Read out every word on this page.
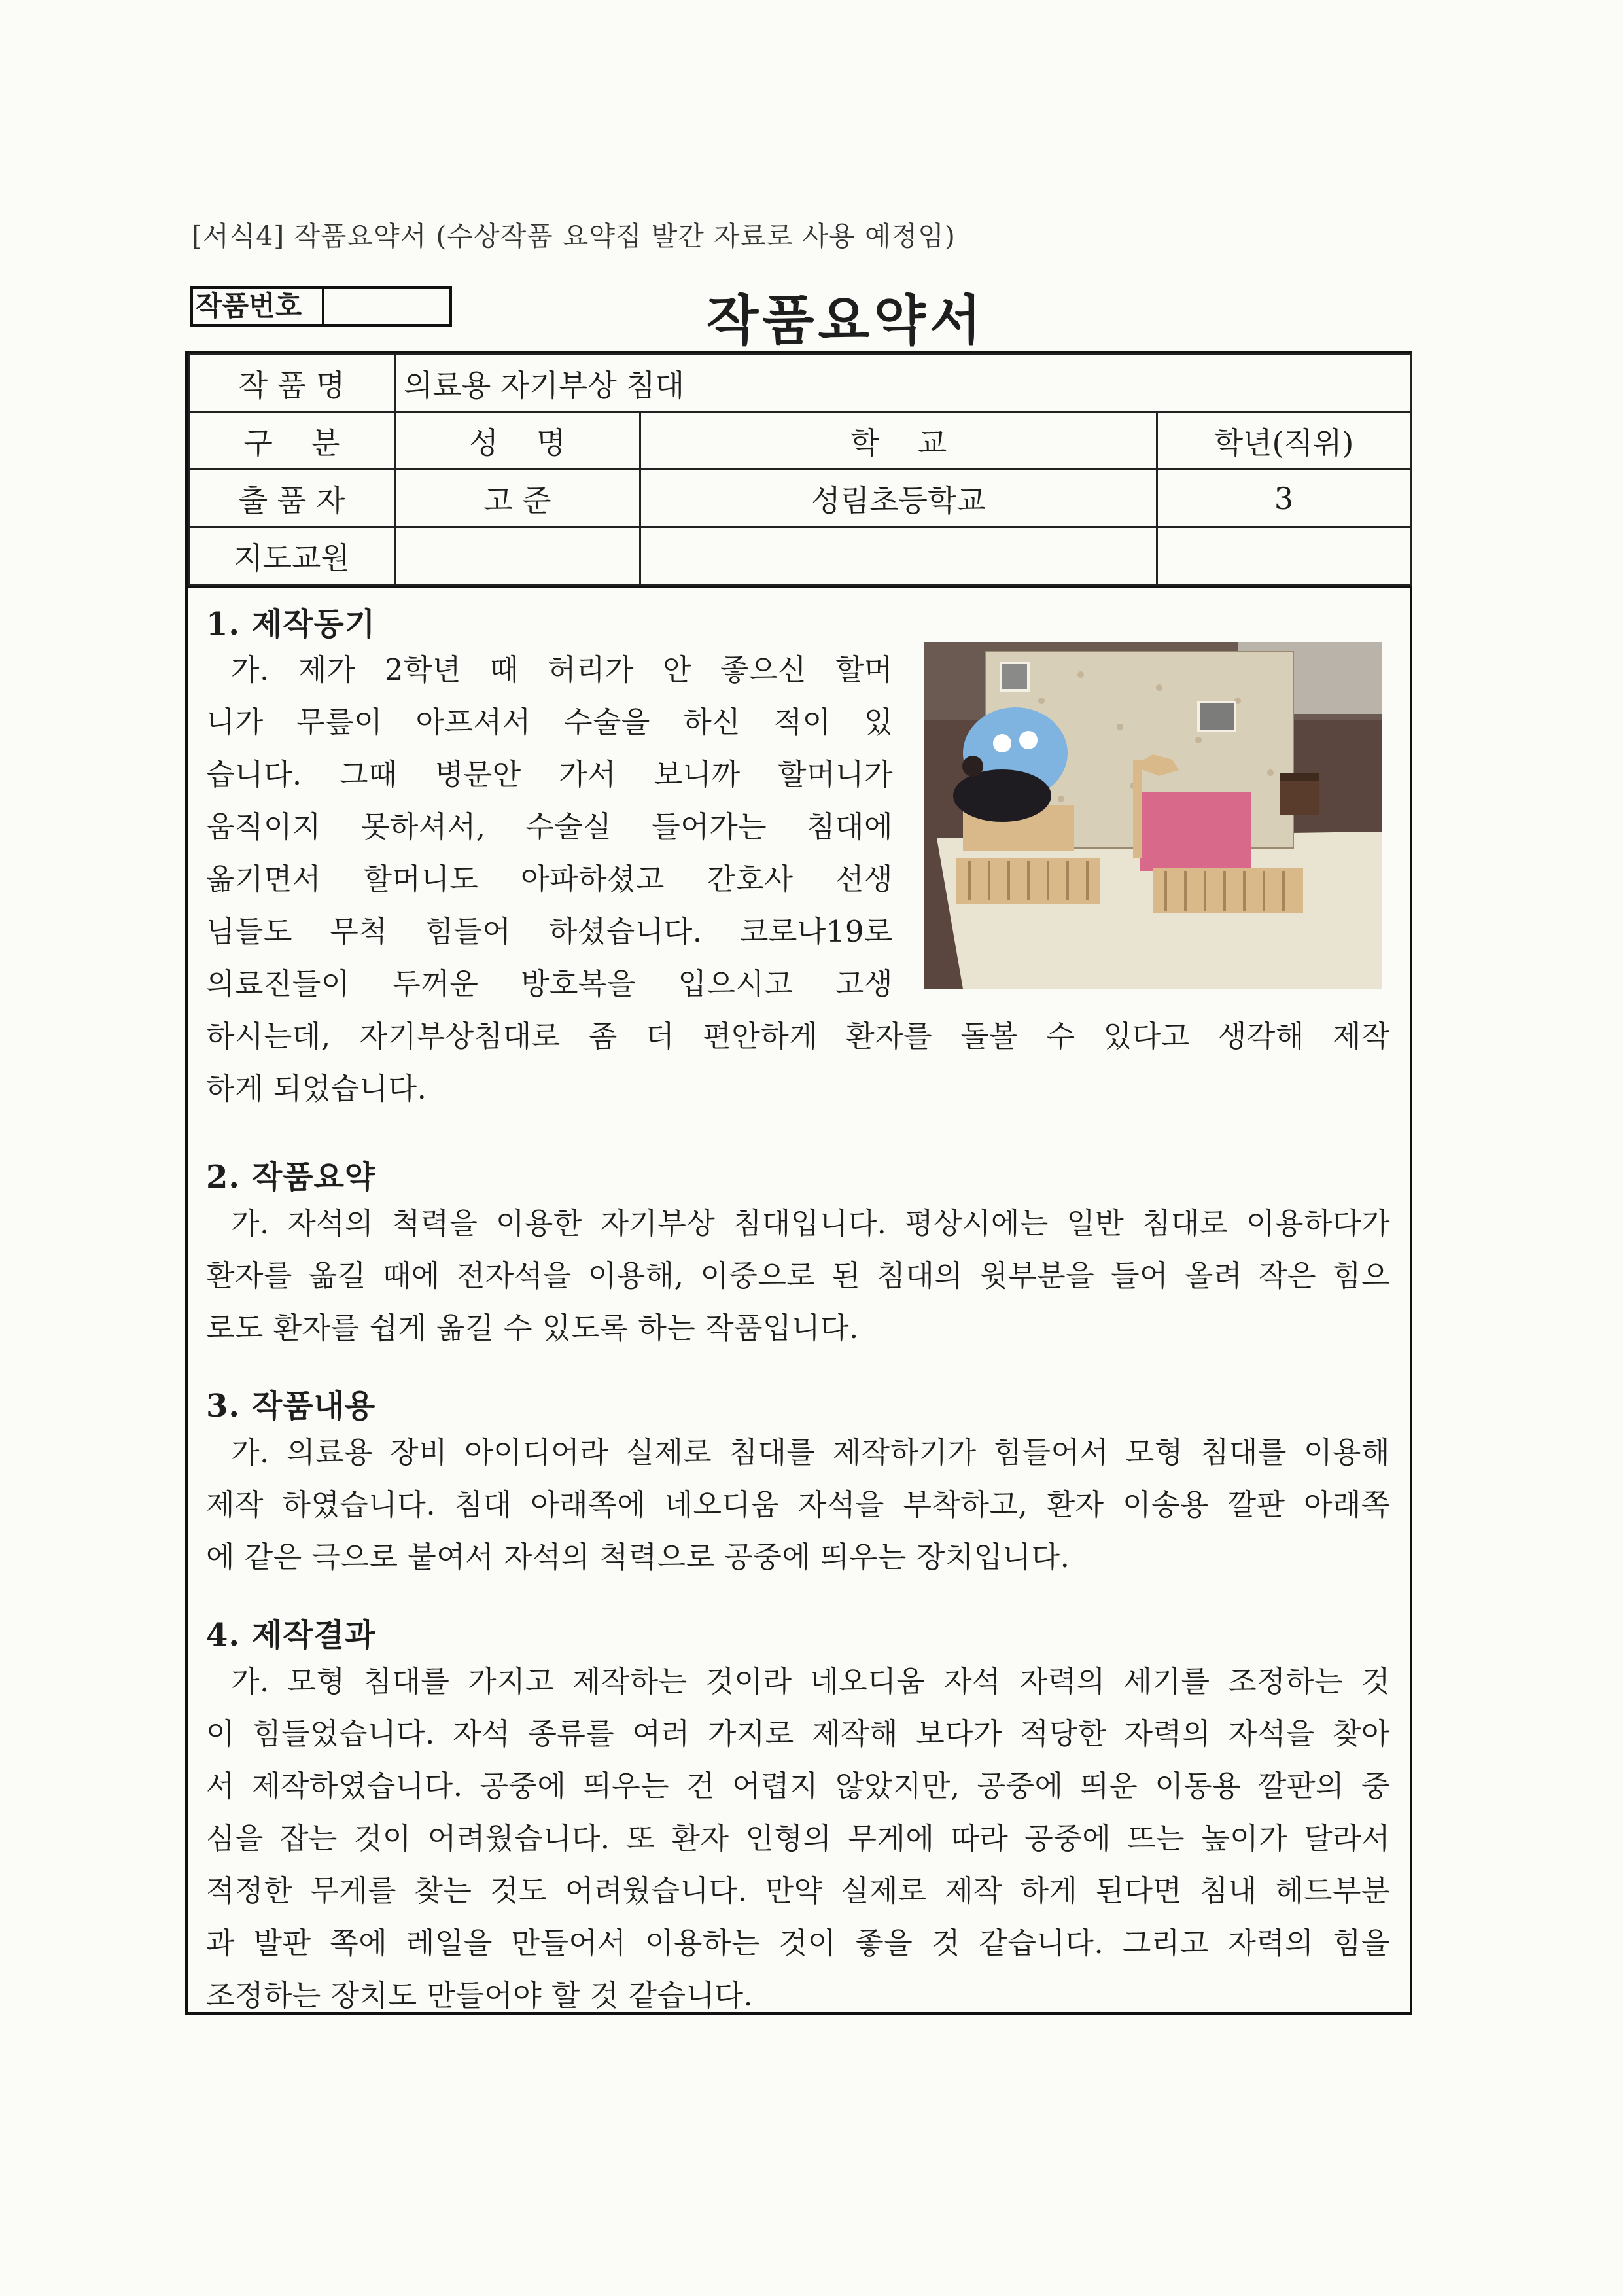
[서식4] 작품요약서 (수상작품 요약집 발간 자료로 사용 예정임)
작품번호	작품요약서
작 품 명	의료용 자기부상 침대		
구    분	성    명	학    교	학년(직위)
출 품 자	고 준	성림초등학교	3
지도교원			
1. 제작동기
가. 제가 2학년 때 허리가 안 좋으신 할머
니가 무릎이 아프셔서 수술을 하신 적이 있
습니다. 그때 병문안 가서 보니까 할머니가
움직이지 못하셔서, 수술실 들어가는 침대에
옮기면서 할머니도 아파하셨고 간호사 선생
님들도 무척 힘들어 하셨습니다. 코로나19로
의료진들이 두꺼운 방호복을 입으시고 고생
하시는데, 자기부상침대로 좀 더 편안하게 환자를 돌볼 수 있다고 생각해 제작
하게 되었습니다.
2. 작품요약
가. 자석의 척력을 이용한 자기부상 침대입니다. 평상시에는 일반 침대로 이용하다가
환자를 옮길 때에 전자석을 이용해, 이중으로 된 침대의 윗부분을 들어 올려 작은 힘으
로도 환자를 쉽게 옮길 수 있도록 하는 작품입니다.
3. 작품내용
가. 의료용 장비 아이디어라 실제로 침대를 제작하기가 힘들어서 모형 침대를 이용해
제작 하였습니다. 침대 아래쪽에 네오디움 자석을 부착하고, 환자 이송용 깔판 아래쪽
에 같은 극으로 붙여서 자석의 척력으로 공중에 띄우는 장치입니다.
4. 제작결과
가. 모형 침대를 가지고 제작하는 것이라 네오디움 자석 자력의 세기를 조정하는 것
이 힘들었습니다. 자석 종류를 여러 가지로 제작해 보다가 적당한 자력의 자석을 찾아
서 제작하였습니다. 공중에 띄우는 건 어렵지 않았지만, 공중에 띄운 이동용 깔판의 중
심을 잡는 것이 어려웠습니다. 또 환자 인형의 무게에 따라 공중에 뜨는 높이가 달라서
적정한 무게를 찾는 것도 어려웠습니다. 만약 실제로 제작 하게 된다면 침내 헤드부분
과 발판 쪽에 레일을 만들어서 이용하는 것이 좋을 것 같습니다. 그리고 자력의 힘을
조정하는 장치도 만들어야 할 것 같습니다.
